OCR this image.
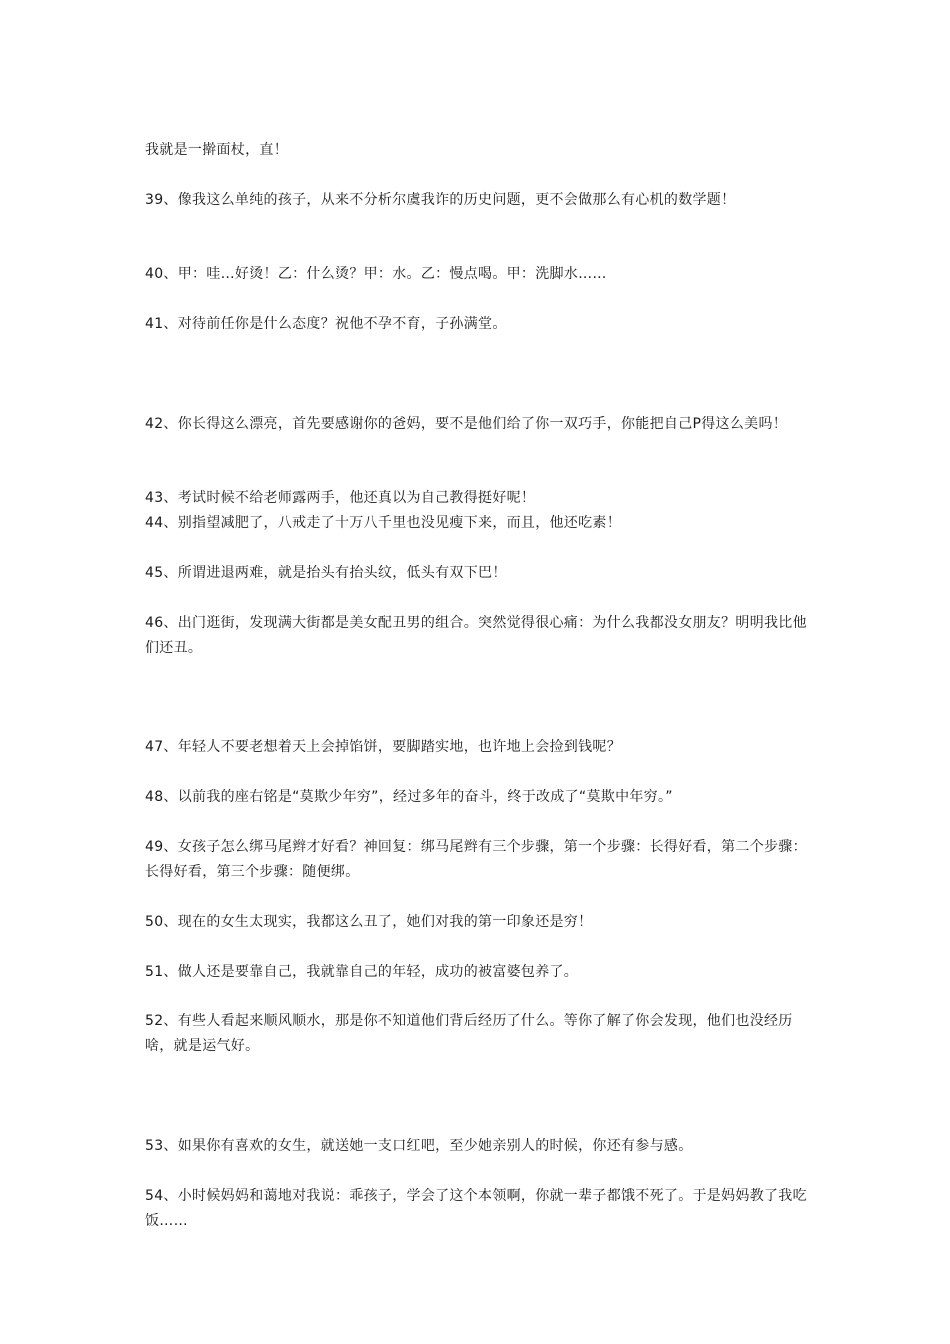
我就是一擀面杖，直！

39、像我这么单纯的孩子，从来不分析尔虞我诈的历史问题，更不会做那么有心机的数学题！

40、甲：哇…好烫！乙：什么烫？甲：水。乙：慢点喝。甲：洗脚水……

41、对待前任你是什么态度？祝他不孕不育，子孙满堂。

42、你长得这么漂亮，首先要感谢你的爸妈，要不是他们给了你一双巧手，你能把自己P得这么美吗！

43、考试时候不给老师露两手，他还真以为自己教得挺好呢！

44、别指望减肥了，八戒走了十万八千里也没见瘦下来，而且，他还吃素！

45、所谓进退两难，就是抬头有抬头纹，低头有双下巴！

46、出门逛街，发现满大街都是美女配丑男的组合。突然觉得很心痛：为什么我都没女朋友？明明我比他们还丑。

47、年轻人不要老想着天上会掉馅饼，要脚踏实地，也许地上会捡到钱呢？

48、以前我的座右铭是“莫欺少年穷”，经过多年的奋斗，终于改成了“莫欺中年穷。”

49、女孩子怎么绑马尾辫才好看？神回复：绑马尾辫有三个步骤，第一个步骤：长得好看，第二个步骤：长得好看，第三个步骤：随便绑。

50、现在的女生太现实，我都这么丑了，她们对我的第一印象还是穷！

51、做人还是要靠自己，我就靠自己的年轻，成功的被富婆包养了。

52、有些人看起来顺风顺水，那是你不知道他们背后经历了什么。等你了解了你会发现，他们也没经历啥，就是运气好。

53、如果你有喜欢的女生，就送她一支口红吧，至少她亲别人的时候，你还有参与感。

54、小时候妈妈和蔼地对我说：乖孩子，学会了这个本领啊，你就一辈子都饿不死了。于是妈妈教了我吃饭……
